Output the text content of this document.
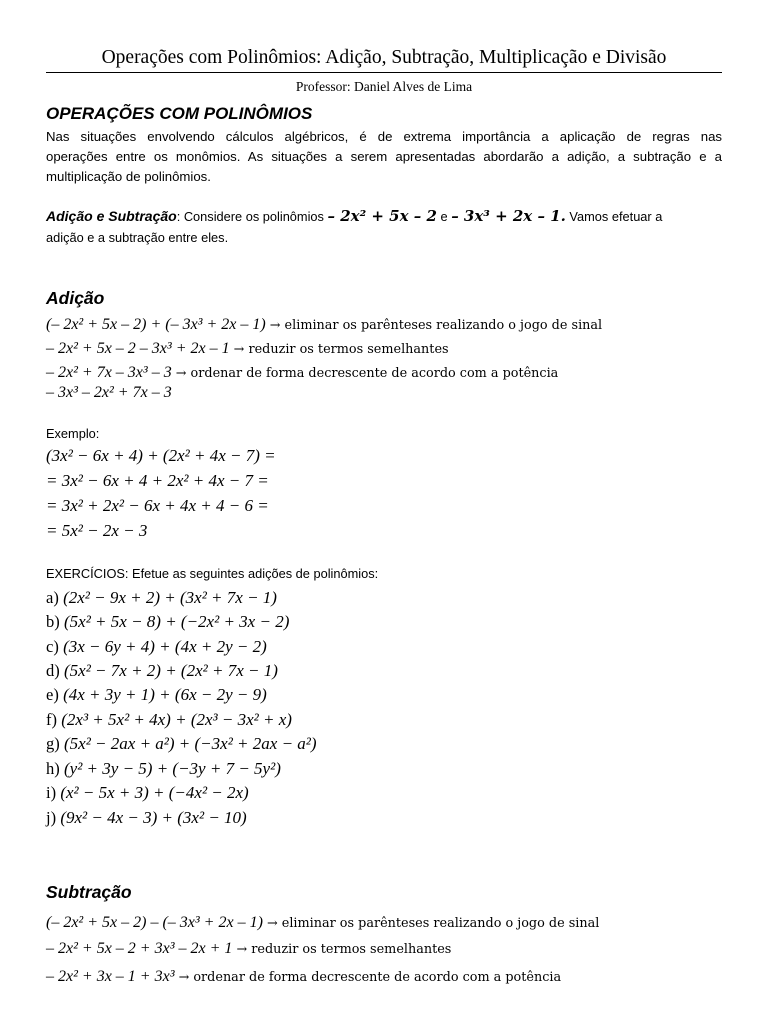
Operações com Polinômios: Adição, Subtração, Multiplicação e Divisão
Professor: Daniel Alves de Lima
OPERAÇÕES COM POLINÔMIOS
Nas situações envolvendo cálculos algébricos, é de extrema importância a aplicação de regras nas
operações entre os monômios. As situações a serem apresentadas abordarão a adição, a subtração e a
multiplicação de polinômios.
Adição e Subtração: Considere os polinômios – 2x² + 5x – 2 e – 3x³ + 2x – 1. Vamos efetuar a
adição e a subtração entre eles.
Adição
(– 2x² + 5x – 2) + (– 3x³ + 2x – 1) → eliminar os parênteses realizando o jogo de sinal
– 2x² + 5x – 2 – 3x³ + 2x – 1 → reduzir os termos semelhantes
– 2x² + 7x – 3x³ – 3 → ordenar de forma decrescente de acordo com a potência
– 3x³ – 2x² + 7x – 3
Exemplo:
(3x² − 6x + 4) + (2x² + 4x − 7) =
= 3x² − 6x + 4 + 2x² + 4x − 7 =
= 3x² + 2x² − 6x + 4x + 4 − 6 =
= 5x² − 2x − 3
EXERCÍCIOS: Efetue as seguintes adições de polinômios:
a) (2x² − 9x + 2) + (3x² + 7x − 1)
b) (5x² + 5x − 8) + (−2x² + 3x − 2)
c) (3x − 6y + 4) + (4x + 2y − 2)
d) (5x² − 7x + 2) + (2x² + 7x − 1)
e) (4x + 3y + 1) + (6x − 2y − 9)
f) (2x³ + 5x² + 4x) + (2x³ − 3x² + x)
g) (5x² − 2ax + a²) + (−3x² + 2ax − a²)
h) (y² + 3y − 5) + (−3y + 7 − 5y²)
i) (x² − 5x + 3) + (−4x² − 2x)
j) (9x² − 4x − 3) + (3x² − 10)
Subtração
(– 2x² + 5x – 2) – (– 3x³ + 2x – 1) → eliminar os parênteses realizando o jogo de sinal
– 2x² + 5x – 2 + 3x³ – 2x + 1 → reduzir os termos semelhantes
– 2x² + 3x – 1 + 3x³ → ordenar de forma decrescente de acordo com a potência
